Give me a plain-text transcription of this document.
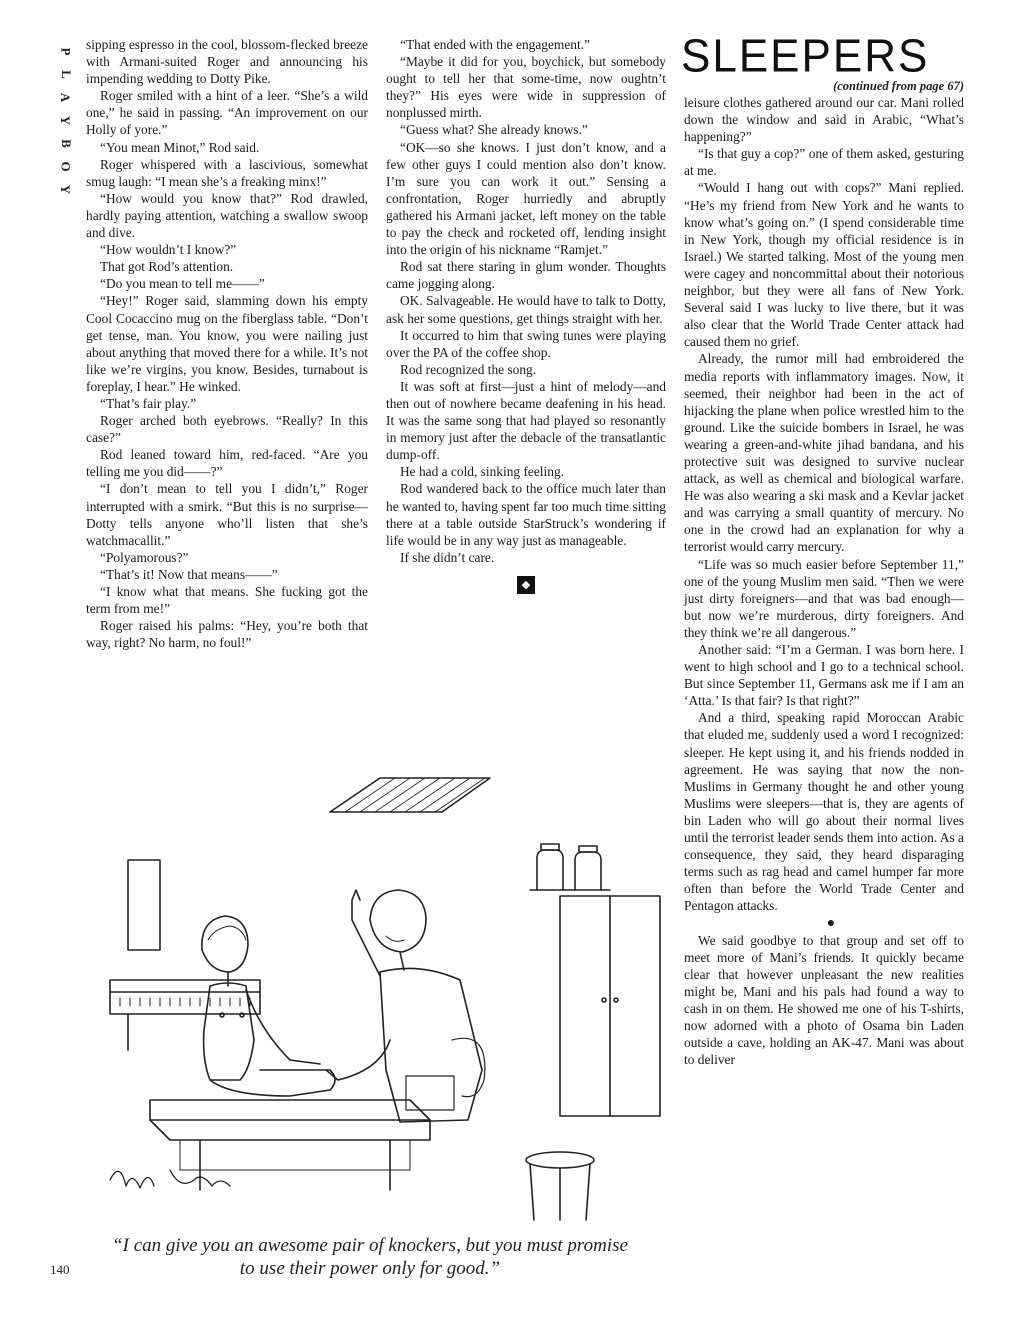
P
L
A
Y
B
O
Y

sipping espresso in the cool, blossom-flecked breeze with Armani-suited Roger and announcing his impending wedding to Dotty Pike.

Roger smiled with a hint of a leer. “She’s a wild one,” he said in passing. “An improvement on our Holly of yore.”

“You mean Minot,” Rod said.

Roger whispered with a lascivious, somewhat smug laugh: “I mean she’s a freaking minx!”

“How would you know that?” Rod drawled, hardly paying attention, watching a swallow swoop and dive.

“How wouldn’t I know?”

That got Rod’s attention.

“Do you mean to tell me——”

“Hey!” Roger said, slamming down his empty Cool Cocaccino mug on the fiberglass table. “Don’t get tense, man. You know, you were nailing just about anything that moved there for a while. It’s not like we’re virgins, you know. Besides, turnabout is foreplay, I hear.” He winked.

“That’s fair play.”

Roger arched both eyebrows. “Really? In this case?”

Rod leaned toward him, red-faced. “Are you telling me you did——?”

“I don’t mean to tell you I didn’t,” Roger interrupted with a smirk. “But this is no surprise—Dotty tells anyone who’ll listen that she’s watchmacallit.”

“Polyamorous?”

“That’s it! Now that means——”

“I know what that means. She fucking got the term from me!”

Roger raised his palms: “Hey, you’re both that way, right? No harm, no foul!”

“That ended with the engagement.”

“Maybe it did for you, boychick, but somebody ought to tell her that some-time, now oughtn’t they?” His eyes were wide in suppression of nonplussed mirth.

“Guess what? She already knows.”

“OK—so she knows. I just don’t know, and a few other guys I could mention also don’t know. I’m sure you can work it out.” Sensing a confrontation, Roger hurriedly and abruptly gathered his Armani jacket, left money on the table to pay the check and rocketed off, lending insight into the origin of his nickname “Ramjet.”

Rod sat there staring in glum wonder. Thoughts came jogging along.

OK. Salvageable. He would have to talk to Dotty, ask her some questions, get things straight with her.

It occurred to him that swing tunes were playing over the PA of the coffee shop.

Rod recognized the song.

It was soft at first—just a hint of melody—and then out of nowhere became deafening in his head. It was the same song that had played so resonantly in memory just after the debacle of the transatlantic dump-off.

He had a cold, sinking feeling.

Rod wandered back to the office much later than he wanted to, having spent far too much time sitting there at a table outside StarStruck’s wondering if life would be in any way just as manageable.

If she didn’t care.

◆
SLEEPERS
(continued from page 67)

leisure clothes gathered around our car. Mani rolled down the window and said in Arabic, “What’s happening?”

“Is that guy a cop?” one of them asked, gesturing at me.

“Would I hang out with cops?” Mani replied. “He’s my friend from New York and he wants to know what’s going on.” (I spend considerable time in New York, though my official residence is in Israel.) We started talking. Most of the young men were cagey and noncommittal about their notorious neighbor, but they were all fans of New York. Several said I was lucky to live there, but it was also clear that the World Trade Center attack had caused them no grief.

Already, the rumor mill had embroidered the media reports with inflammatory images. Now, it seemed, their neighbor had been in the act of hijacking the plane when police wrestled him to the ground. Like the suicide bombers in Israel, he was wearing a green-and-white jihad bandana, and his protective suit was designed to survive nuclear attack, as well as chemical and biological warfare. He was also wearing a ski mask and a Kevlar jacket and was carrying a small quantity of mercury. No one in the crowd had an explanation for why a terrorist would carry mercury.

“Life was so much easier before September 11,” one of the young Muslim men said. “Then we were just dirty foreigners—and that was bad enough—but now we’re murderous, dirty foreigners. And they think we’re all dangerous.”

Another said: “I’m a German. I was born here. I went to high school and I go to a technical school. But since September 11, Germans ask me if I am an ‘Atta.’ Is that fair? Is that right?”

And a third, speaking rapid Moroccan Arabic that eluded me, suddenly used a word I recognized: sleeper. He kept using it, and his friends nodded in agreement. He was saying that now the non-Muslims in Germany thought he and other young Muslims were sleepers—that is, they are agents of bin Laden who will go about their normal lives until the terrorist leader sends them into action. As a consequence, they said, they heard disparaging terms such as rag head and camel humper far more often than before the World Trade Center and Pentagon attacks.

●

We said goodbye to that group and set off to meet more of Mani’s friends. It quickly became clear that however unpleasant the new realities might be, Mani and his pals had found a way to cash in on them. He showed me one of his T-shirts, now adorned with a photo of Osama bin Laden outside a cave, holding an AK-47. Mani was about to deliver

“I can give you an awesome pair of knockers, but you must promise to use their power only for good.”
140
